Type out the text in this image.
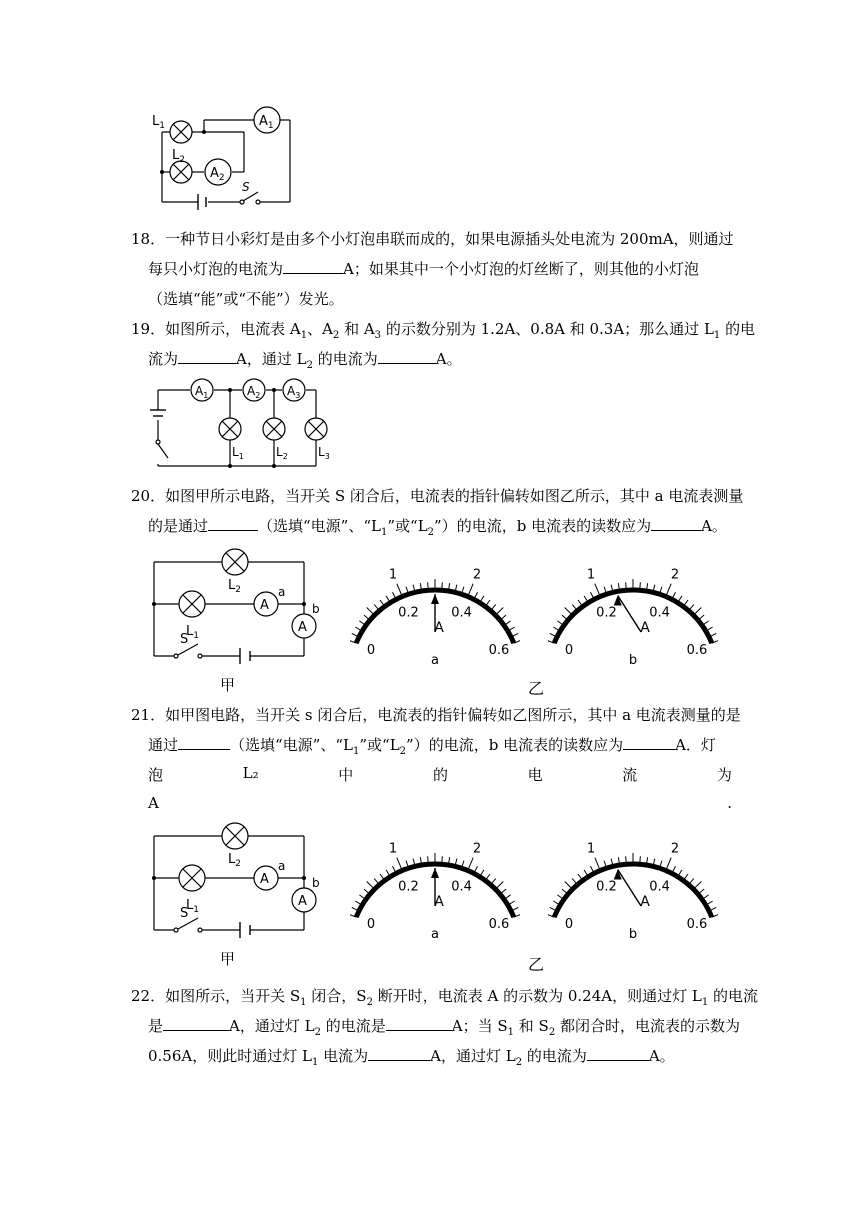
$L_1$
$L_2$
$A_1$
$A_2$
S
18．一种节日小彩灯是由多个小灯泡串联而成的，如果电源插头处电流为 200mA，则通过
每只小灯泡的电流为	A；如果其中一个小灯泡的灯丝断了，则其他的小灯泡
（选填“能”或“不能”）发光。
19．如图所示，电流表 $A_1$、$A_2$ 和 $A_3$ 的示数分别为 1.2A、0.8A 和 0.3A；那么通过 $L_1$ 的电
流为	A，通过 $L_2$ 的电流为	A。
$A_1$	$A_2$ $A_3$
$L_1$	$L_2$	$L_3$
20．如图甲所示电路，当开关 S 闭合后，电流表的指针偏转如图乙所示，其中 a 电流表测量
的是通过	（选填“电源”、“$L_1$”或“$L_2$”）的电流，b 电流表的读数应为	A。
$L_2$
$L_1$
A
A
a
b
S
甲
1	2
0
0.2 0.4
0.6
A
a
1	2
0
0.2 0.4
0.6
A
b
乙
21．如甲图电路，当开关 s 闭合后，电流表的指针偏转如乙图所示，其中 a 电流表测量的是
通过	（选填“电源”、“$L_1$”或“$L_2$”）的电流，b 电流表的读数应为	A．灯
泡	L₂	中	的	电	流	为
A	.
$L_2$
$L_1$
A
A
a
b
S
甲
1	2
0
0.2 0.4
0.6
A
a
1	2
0
0.2 0.4
0.6
A
b
乙
22．如图所示，当开关 $S_1$ 闭合，$S_2$ 断开时，电流表 A 的示数为 0.24A，则通过灯 $L_1$ 的电流
是	A，通过灯 $L_2$ 的电流是	A；当 $S_1$ 和 $S_2$ 都闭合时，电流表的示数为
0.56A，则此时通过灯 $L_1$ 电流为	A，通过灯 $L_2$ 的电流为	A。
